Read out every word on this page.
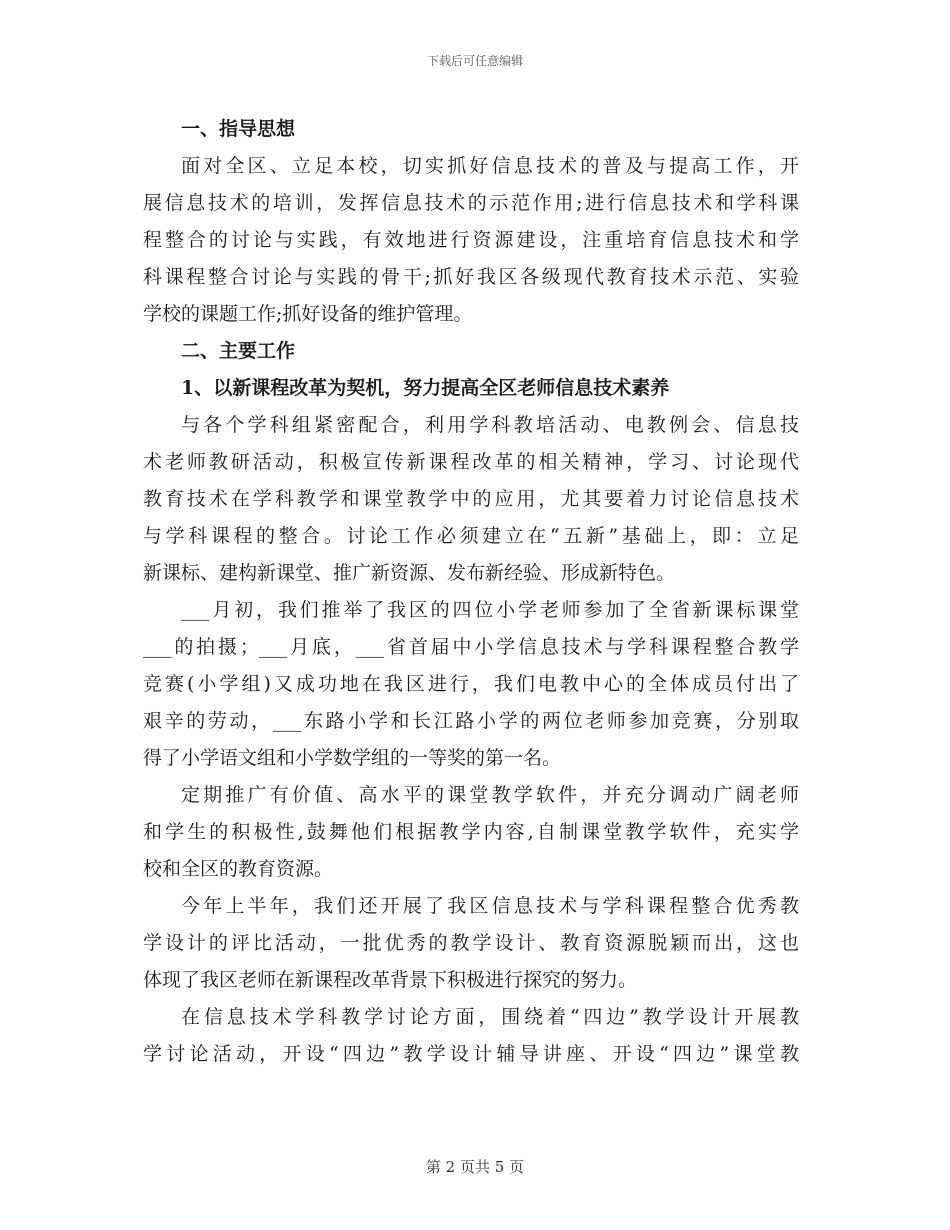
下载后可任意编辑
一、指导思想
面对全区、立足本校，切实抓好信息技术的普及与提高工作，开
展信息技术的培训，发挥信息技术的示范作用;进行信息技术和学科课
程整合的讨论与实践，有效地进行资源建设，注重培育信息技术和学
科课程整合讨论与实践的骨干;抓好我区各级现代教育技术示范、实验
学校的课题工作;抓好设备的维护管理。
二、主要工作
1、以新课程改革为契机，努力提高全区老师信息技术素养
与各个学科组紧密配合，利用学科教培活动、电教例会、信息技
术老师教研活动，积极宣传新课程改革的相关精神，学习、讨论现代
教育技术在学科教学和课堂教学中的应用，尤其要着力讨论信息技术
与学科课程的整合。讨论工作必须建立在“五新”基础上，即：立足
新课标、建构新课堂、推广新资源、发布新经验、形成新特色。
___月初，我们推举了我区的四位小学老师参加了全省新课标课堂
___的拍摄；___月底，___省首届中小学信息技术与学科课程整合教学
竞赛(小学组)又成功地在我区进行，我们电教中心的全体成员付出了
艰辛的劳动，___东路小学和长江路小学的两位老师参加竞赛，分别取
得了小学语文组和小学数学组的一等奖的第一名。
定期推广有价值、高水平的课堂教学软件，并充分调动广阔老师
和学生的积极性,鼓舞他们根据教学内容,自制课堂教学软件，充实学
校和全区的教育资源。
今年上半年，我们还开展了我区信息技术与学科课程整合优秀教
学设计的评比活动，一批优秀的教学设计、教育资源脱颖而出，这也
体现了我区老师在新课程改革背景下积极进行探究的努力。
在信息技术学科教学讨论方面，围绕着“四边”教学设计开展教
学讨论活动，开设“四边”教学设计辅导讲座、开设“四边”课堂教
第 2 页共 5 页
